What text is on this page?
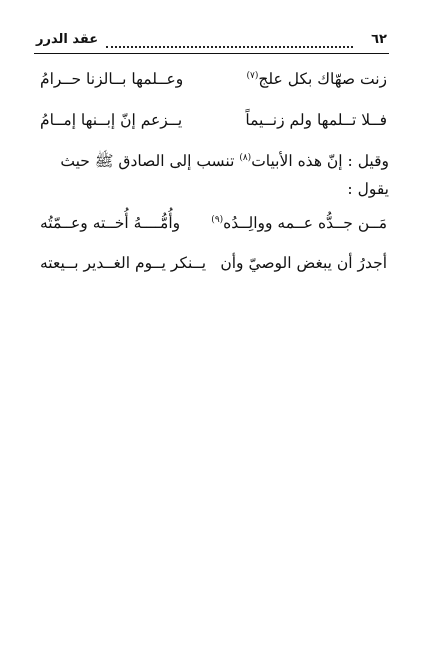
٦٢
عقد الدرر
زنت صهّاك بكل علج$^{(٧)}$
وعــلمها بــالزنا حــرامُ
فــلا تــلمها ولم زنــيماً
يــزعم إنّ إبــنها إمــامُ
وقيل : إنّ هذه الأبيات$^{(٨)}$ تنسب إلى الصادق ﷺ حيث
يقول :
مَــن جــدُّه عــمه ووالِــدُه$^{(٩)}$
وأُمُّــــهُ أُخــته وعــمّتُه
أجدرُ أن يبغض الوصيّ وأن
يــنكر يــوم الغــدير بــيعته
